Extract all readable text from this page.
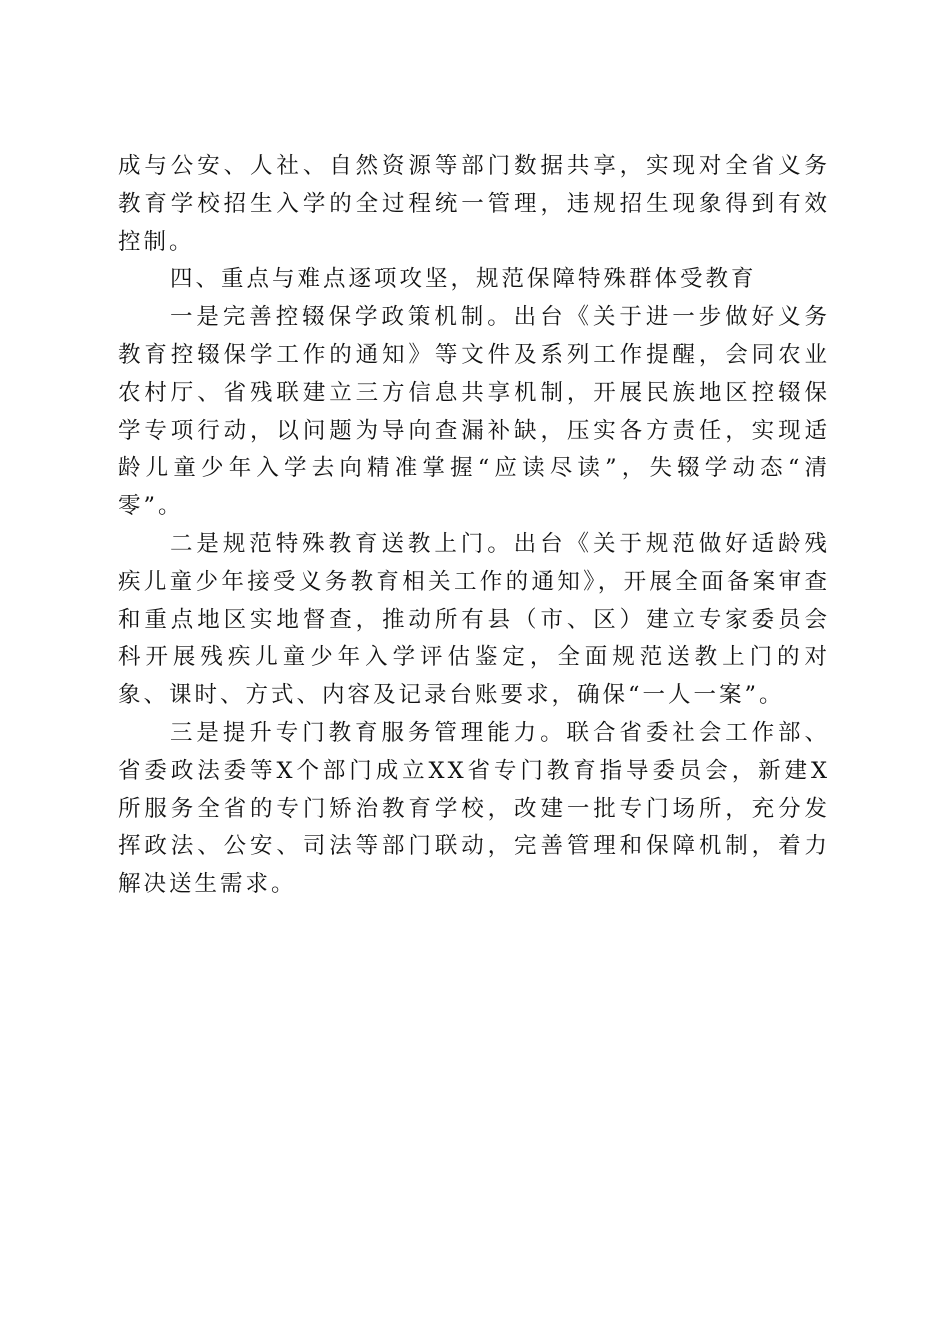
成与公安、人社、自然资源等部门数据共享，实现对全省义务教育学校招生入学的全过程统一管理，违规招生现象得到有效控制。

四、重点与难点逐项攻坚，规范保障特殊群体受教育

一是完善控辍保学政策机制。出台《关于进一步做好义务教育控辍保学工作的通知》等文件及系列工作提醒，会同农业农村厅、省残联建立三方信息共享机制，开展民族地区控辍保学专项行动，以问题为导向查漏补缺，压实各方责任，实现适龄儿童少年入学去向精准掌握“应读尽读”，失辍学动态“清零”。

二是规范特殊教育送教上门。出台《关于规范做好适龄残疾儿童少年接受义务教育相关工作的通知》，开展全面备案审查和重点地区实地督查，推动所有县（市、区）建立专家委员会科开展残疾儿童少年入学评估鉴定，全面规范送教上门的对象、课时、方式、内容及记录台账要求，确保“一人一案”。

三是提升专门教育服务管理能力。联合省委社会工作部、省委政法委等X个部门成立XX省专门教育指导委员会，新建X所服务全省的专门矫治教育学校，改建一批专门场所，充分发挥政法、公安、司法等部门联动，完善管理和保障机制，着力解决送生需求。
